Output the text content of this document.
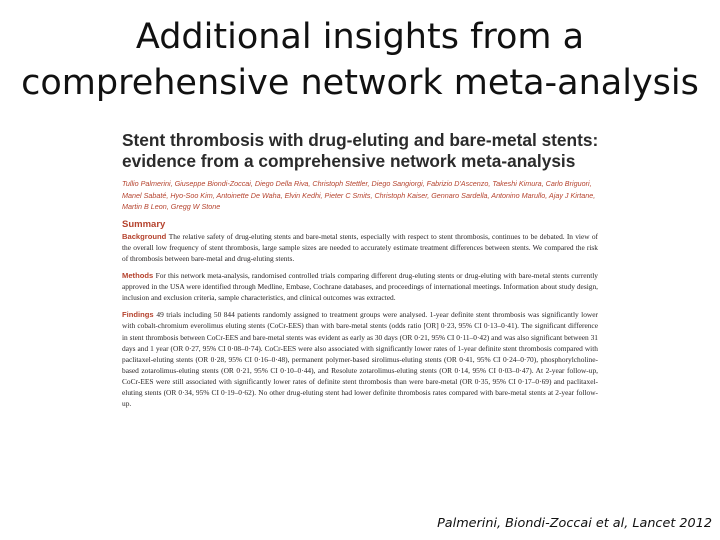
Additional insights from a
comprehensive network meta-analysis
Stent thrombosis with drug-eluting and bare-metal stents:
evidence from a comprehensive network meta-analysis
Tullio Palmerini, Giuseppe Biondi-Zoccai, Diego Della Riva, Christoph Stettler, Diego Sangiorgi, Fabrizio D'Ascenzo, Takeshi Kimura, Carlo Briguori, Manel Sabaté, Hyo-Soo Kim, Antoinette De Waha, Elvin Kedhi, Pieter C Smits, Christoph Kaiser, Gennaro Sardella, Antonino Marullo, Ajay J Kirtane, Martin B Leon, Gregg W Stone
Summary

Background The relative safety of drug-eluting stents and bare-metal stents, especially with respect to stent thrombosis, continues to be debated. In view of the overall low frequency of stent thrombosis, large sample sizes are needed to accurately estimate treatment differences between stents. We compared the risk of thrombosis between bare-metal and drug-eluting stents.

Methods For this network meta-analysis, randomised controlled trials comparing different drug-eluting stents or drug-eluting with bare-metal stents currently approved in the USA were identified through Medline, Embase, Cochrane databases, and proceedings of international meetings. Information about study design, inclusion and exclusion criteria, sample characteristics, and clinical outcomes was extracted.

Findings 49 trials including 50 844 patients randomly assigned to treatment groups were analysed. 1-year definite stent thrombosis was significantly lower with cobalt-chromium everolimus eluting stents (CoCr-EES) than with bare-metal stents (odds ratio [OR] 0·23, 95% CI 0·13–0·41). The significant difference in stent thrombosis between CoCr-EES and bare-metal stents was evident as early as 30 days (OR 0·21, 95% CI 0·11–0·42) and was also significant between 31 days and 1 year (OR 0·27, 95% CI 0·08–0·74). CoCr-EES were also associated with significantly lower rates of 1-year definite stent thrombosis compared with paclitaxel-eluting stents (OR 0·28, 95% CI 0·16–0·48), permanent polymer-based sirolimus-eluting stents (OR 0·41, 95% CI 0·24–0·70), phosphorylcholine-based zotarolimus-eluting stents (OR 0·21, 95% CI 0·10–0·44), and Resolute zotarolimus-eluting stents (OR 0·14, 95% CI 0·03–0·47). At 2-year follow-up, CoCr-EES were still associated with significantly lower rates of definite stent thrombosis than were bare-metal (OR 0·35, 95% CI 0·17–0·69) and paclitaxel-eluting stents (OR 0·34, 95% CI 0·19–0·62). No other drug-eluting stent had lower definite thrombosis rates compared with bare-metal stents at 2-year follow-up.

Palmerini, Biondi-Zoccai et al, Lancet 2012
